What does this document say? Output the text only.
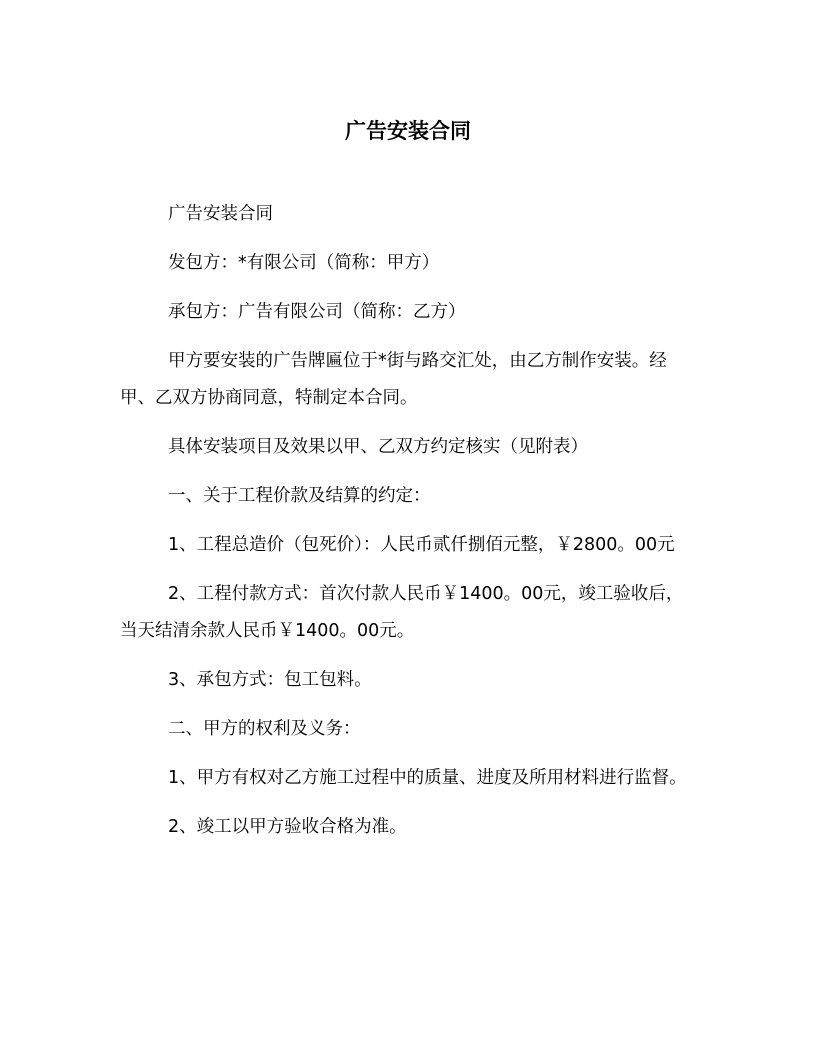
广告安装合同

广告安装合同

发包方：*有限公司（简称：甲方）

承包方：广告有限公司（简称：乙方）

甲方要安装的广告牌匾位于*街与路交汇处，由乙方制作安装。经甲、乙双方协商同意，特制定本合同。

具体安装项目及效果以甲、乙双方约定核实（见附表）

一、关于工程价款及结算的约定：

1、工程总造价（包死价）：人民币贰仟捌佰元整，￥2800。00元

2、工程付款方式：首次付款人民币￥1400。00元，竣工验收后，当天结清余款人民币￥1400。00元。

3、承包方式：包工包料。

二、甲方的权利及义务：

1、甲方有权对乙方施工过程中的质量、进度及所用材料进行监督。

2、竣工以甲方验收合格为准。
